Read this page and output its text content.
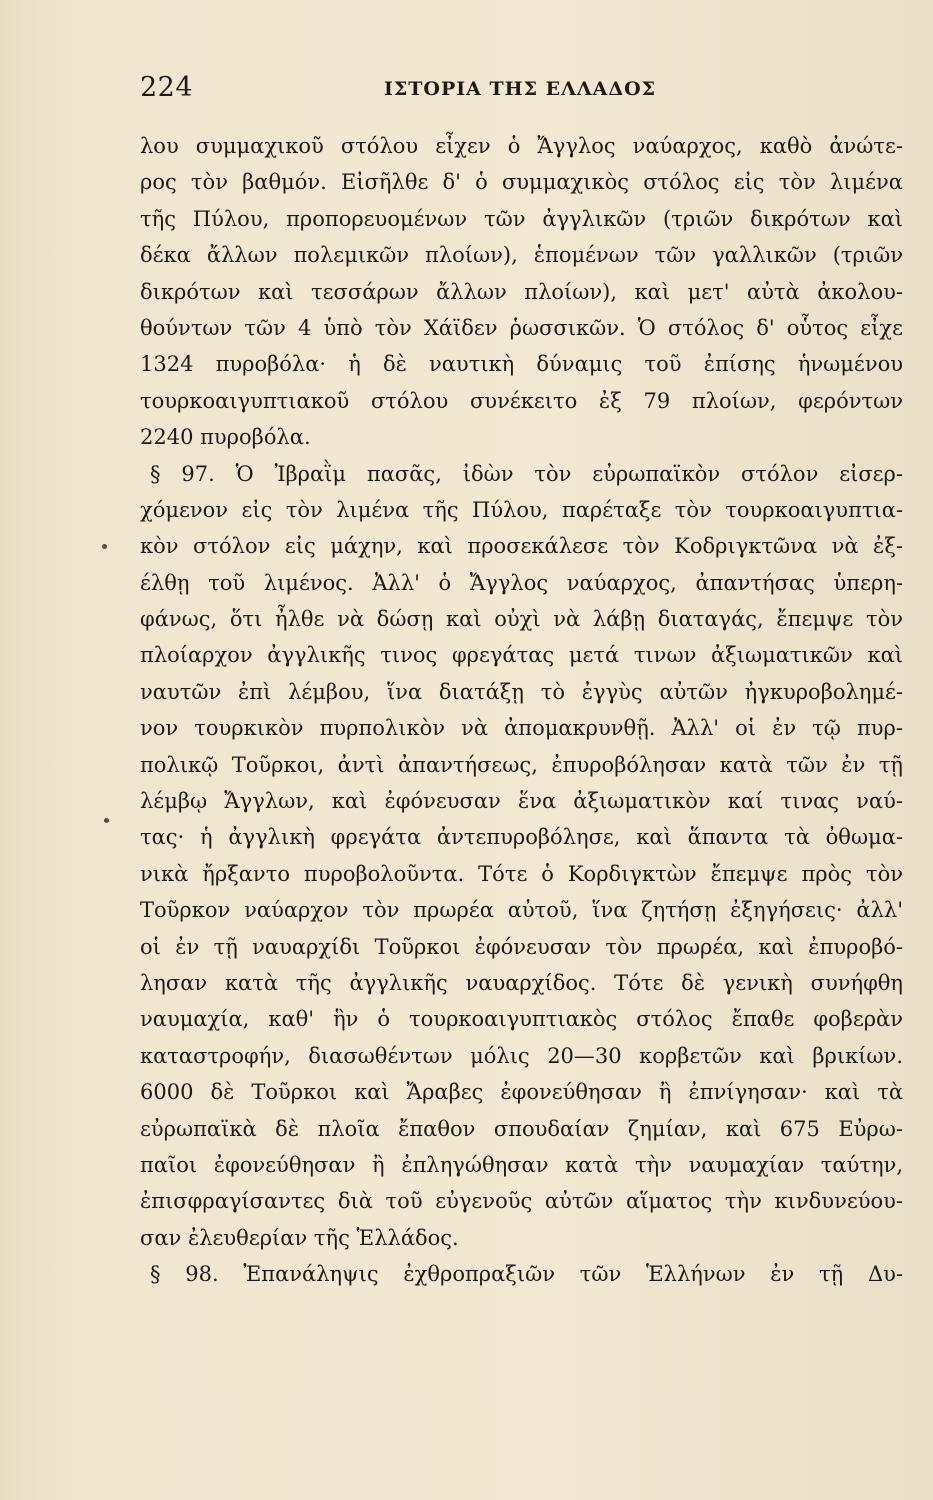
224	ΙΣΤΟΡΙΑ ΤΗΣ ΕΛΛΑΔΟΣ
λου συμμαχικοῦ στόλου εἶχεν ὁ Ἄγγλος ναύαρχος, καθὸ ἀνώτε-
ρος τὸν βαθμόν. Εἰσῆλθε δ' ὁ συμμαχικὸς στόλος εἰς τὸν λιμένα
τῆς Πύλου, προπορευομένων τῶν ἀγγλικῶν (τριῶν δικρότων καὶ
δέκα ἄλλων πολεμικῶν πλοίων), ἑπομένων τῶν γαλλικῶν (τριῶν
δικρότων καὶ τεσσάρων ἄλλων πλοίων), καὶ μετ' αὐτὰ ἀκολου-
θούντων τῶν 4 ὑπὸ τὸν Χάϊδεν ῥωσσικῶν. Ὁ στόλος δ' οὗτος εἶχε
1324 πυροβόλα· ἡ δὲ ναυτικὴ δύναμις τοῦ ἐπίσης ἡνωμένου
τουρκοαιγυπτιακοῦ στόλου συνέκειτο ἐξ 79 πλοίων, φερόντων
2240 πυροβόλα.
§ 97. Ὁ Ἰβραῒμ πασᾶς, ἰδὼν τὸν εὐρωπαϊκὸν στόλον εἰσερ-
χόμενον εἰς τὸν λιμένα τῆς Πύλου, παρέταξε τὸν τουρκοαιγυπτια-
κὸν στόλον εἰς μάχην, καὶ προσεκάλεσε τὸν Κοδριγκτῶνα νὰ ἐξ-
έλθῃ τοῦ λιμένος. Ἀλλ' ὁ Ἄγγλος ναύαρχος, ἀπαντήσας ὑπερη-
φάνως, ὅτι ἦλθε νὰ δώσῃ καὶ οὐχὶ νὰ λάβῃ διαταγάς, ἔπεμψε τὸν
πλοίαρχον ἀγγλικῆς τινος φρεγάτας μετά τινων ἀξιωματικῶν καὶ
ναυτῶν ἐπὶ λέμβου, ἵνα διατάξῃ τὸ ἐγγὺς αὐτῶν ἠγκυροβολημέ-
νον τουρκικὸν πυρπολικὸν νὰ ἀπομακρυνθῇ. Ἀλλ' οἱ ἐν τῷ πυρ-
πολικῷ Τοῦρκοι, ἀντὶ ἀπαντήσεως, ἐπυροβόλησαν κατὰ τῶν ἐν τῇ
λέμβῳ Ἄγγλων, καὶ ἐφόνευσαν ἕνα ἀξιωματικὸν καί τινας ναύ-
τας· ἡ ἀγγλικὴ φρεγάτα ἀντεπυροβόλησε, καὶ ἅπαντα τὰ ὀθωμα-
νικὰ ἤρξαντο πυροβολοῦντα. Τότε ὁ Κορδιγκτὼν ἔπεμψε πρὸς τὸν
Τοῦρκον ναύαρχον τὸν πρωρέα αὐτοῦ, ἵνα ζητήσῃ ἐξηγήσεις· ἀλλ'
οἱ ἐν τῇ ναυαρχίδι Τοῦρκοι ἐφόνευσαν τὸν πρωρέα, καὶ ἐπυροβό-
λησαν κατὰ τῆς ἀγγλικῆς ναυαρχίδος. Τότε δὲ γενικὴ συνήφθη
ναυμαχία, καθ' ἣν ὁ τουρκοαιγυπτιακὸς στόλος ἔπαθε φοβερὰν
καταστροφήν, διασωθέντων μόλις 20—30 κορβετῶν καὶ βρικίων.
6000 δὲ Τοῦρκοι καὶ Ἄραβες ἐφονεύθησαν ἢ ἐπνίγησαν· καὶ τὰ
εὐρωπαϊκὰ δὲ πλοῖα ἔπαθον σπουδαίαν ζημίαν, καὶ 675 Εὐρω-
παῖοι ἐφονεύθησαν ἢ ἐπληγώθησαν κατὰ τὴν ναυμαχίαν ταύτην,
ἐπισφραγίσαντες διὰ τοῦ εὐγενοῦς αὐτῶν αἵματος τὴν κινδυνεύου-
σαν ἐλευθερίαν τῆς Ἑλλάδος.
§ 98. Ἐπανάληψις ἐχθροπραξιῶν τῶν Ἑλλήνων ἐν τῇ Δυ-
